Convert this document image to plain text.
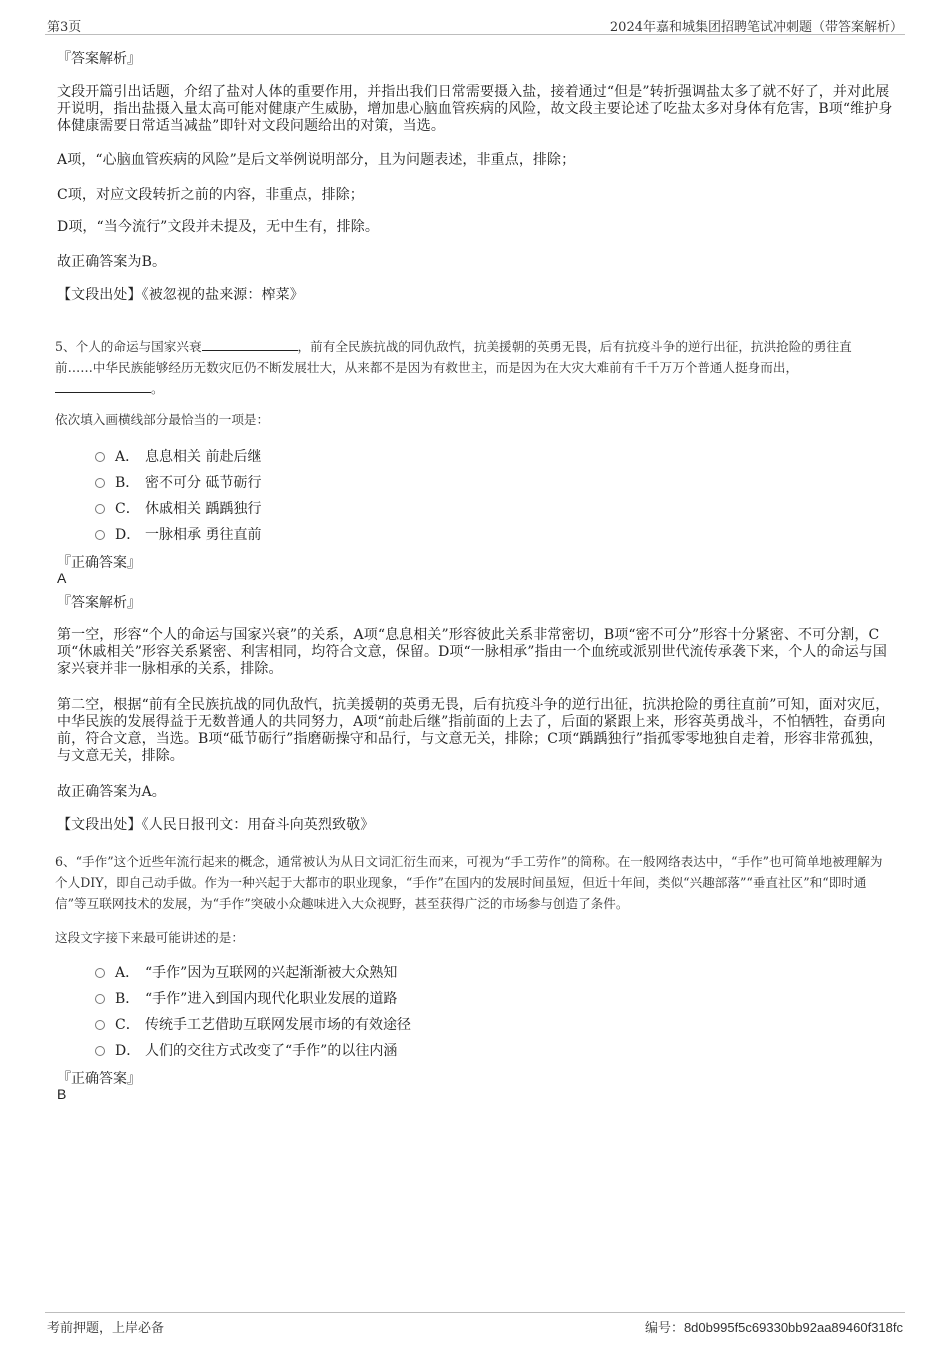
第3页	2024年嘉和城集团招聘笔试冲刺题（带答案解析）
『答案解析』
文段开篇引出话题，介绍了盐对人体的重要作用，并指出我们日常需要摄入盐，接着通过“但是”转折强调盐太多了就不好了，并对此展开说明，指出盐摄入量太高可能对健康产生威胁，增加患心脑血管疾病的风险，故文段主要论述了吃盐太多对身体有危害，B项“维护身体健康需要日常适当减盐”即针对文段问题给出的对策，当选。
A项，“心脑血管疾病的风险”是后文举例说明部分，且为问题表述，非重点，排除；
C项，对应文段转折之前的内容，非重点，排除；
D项，“当今流行”文段并未提及，无中生有，排除。
故正确答案为B。
【文段出处】《被忽视的盐来源：榨菜》
5、个人的命运与国家兴衰	，前有全民族抗战的同仇敌忾，抗美援朝的英勇无畏，后有抗疫斗争的逆行出征，抗洪抢险的勇往直前……中华民族能够经历无数灾厄仍不断发展壮大，从来都不是因为有救世主，而是因为在大灾大难前有千千万万个普通人挺身而出，
。
依次填入画横线部分最恰当的一项是：
A． 息息相关 前赴后继
B． 密不可分 砥节砺行
C． 休戚相关 踽踽独行
D． 一脉相承 勇往直前
『正确答案』
A
『答案解析』
第一空，形容“个人的命运与国家兴衰”的关系，A项“息息相关”形容彼此关系非常密切，B项“密不可分”形容十分紧密、不可分割，C项“休戚相关”形容关系紧密、利害相同，均符合文意，保留。D项“一脉相承”指由一个血统或派别世代流传承袭下来，个人的命运与国家兴衰并非一脉相承的关系，排除。
第二空，根据“前有全民族抗战的同仇敌忾，抗美援朝的英勇无畏，后有抗疫斗争的逆行出征，抗洪抢险的勇往直前”可知，面对灾厄，中华民族的发展得益于无数普通人的共同努力，A项“前赴后继”指前面的上去了，后面的紧跟上来，形容英勇战斗，不怕牺牲，奋勇向前，符合文意，当选。B项“砥节砺行”指磨砺操守和品行，与文意无关，排除；C项“踽踽独行”指孤零零地独自走着，形容非常孤独，与文意无关，排除。
故正确答案为A。
【文段出处】《人民日报刊文：用奋斗向英烈致敬》
6、“手作”这个近些年流行起来的概念，通常被认为从日文词汇衍生而来，可视为“手工劳作”的简称。在一般网络表达中，“手作”也可简单地被理解为个人DIY，即自己动手做。作为一种兴起于大都市的职业现象，“手作”在国内的发展时间虽短，但近十年间，类似“兴趣部落”“垂直社区”和“即时通信”等互联网技术的发展，为“手作”突破小众趣味进入大众视野，甚至获得广泛的市场参与创造了条件。
这段文字接下来最可能讲述的是：
A． “手作”因为互联网的兴起渐渐被大众熟知
B． “手作”进入到国内现代化职业发展的道路
C． 传统手工艺借助互联网发展市场的有效途径
D． 人们的交往方式改变了“手作”的以往内涵
『正确答案』
B
考前押题，上岸必备	编号：8d0b995f5c69330bb92aa89460f318fc
